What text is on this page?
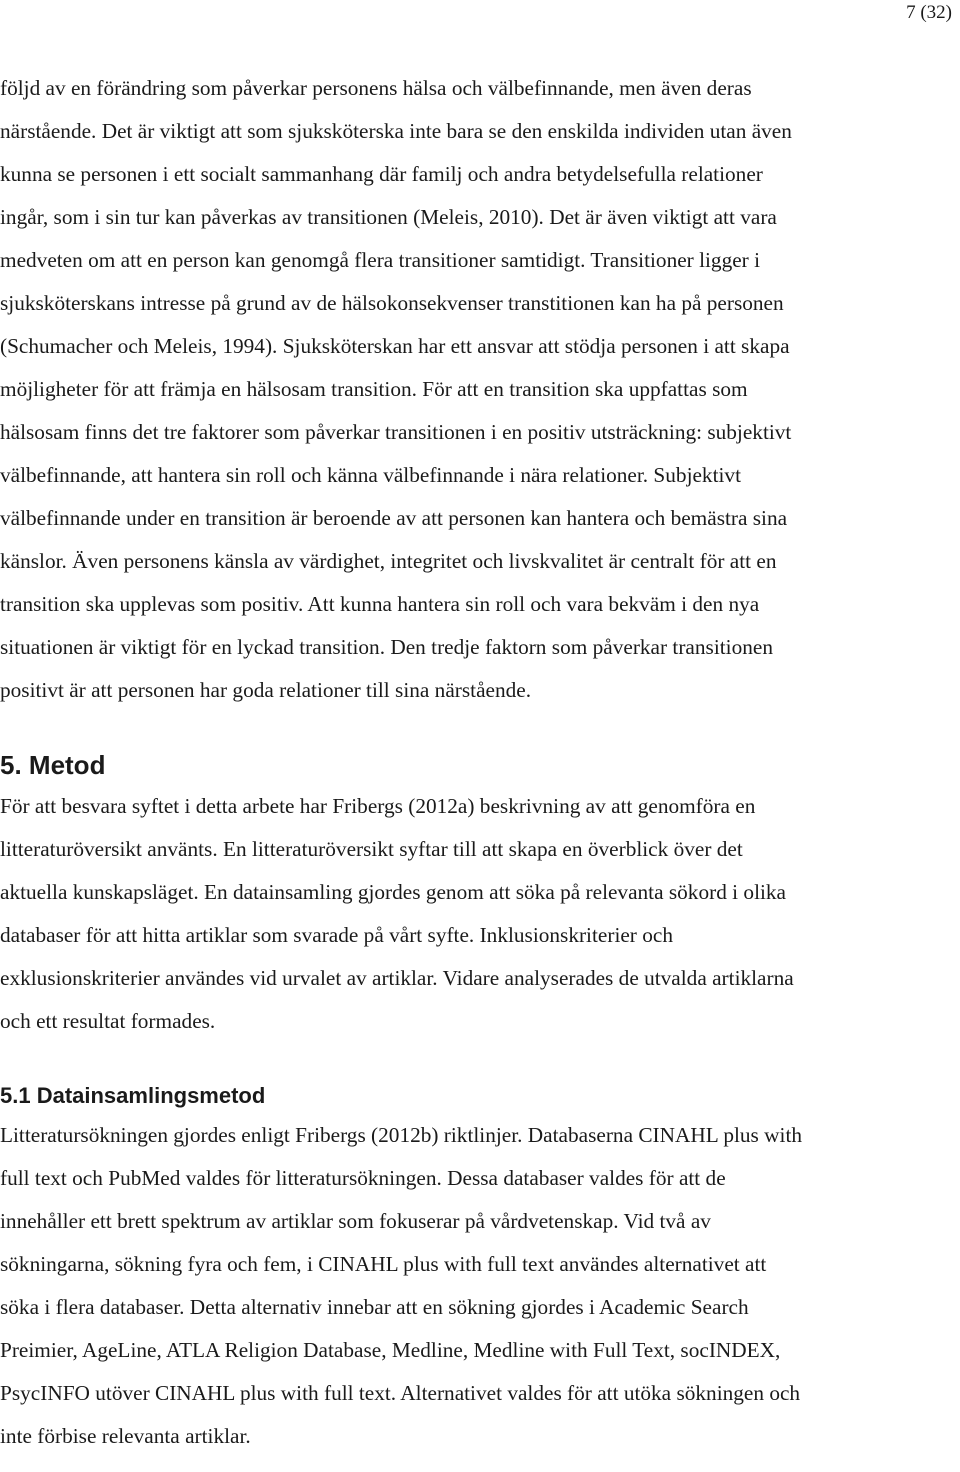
7 (32)

följd av en förändring som påverkar personens hälsa och välbefinnande, men även deras
närstående. Det är viktigt att som sjuksköterska inte bara se den enskilda individen utan även
kunna se personen i ett socialt sammanhang där familj och andra betydelsefulla relationer
ingår, som i sin tur kan påverkas av transitionen (Meleis, 2010). Det är även viktigt att vara
medveten om att en person kan genomgå flera transitioner samtidigt. Transitioner ligger i
sjuksköterskans intresse på grund av de hälsokonsekvenser transtitionen kan ha på personen
(Schumacher och Meleis, 1994). Sjuksköterskan har ett ansvar att stödja personen i att skapa
möjligheter för att främja en hälsosam transition. För att en transition ska uppfattas som
hälsosam finns det tre faktorer som påverkar transitionen i en positiv utsträckning: subjektivt
välbefinnande, att hantera sin roll och känna välbefinnande i nära relationer. Subjektivt
välbefinnande under en transition är beroende av att personen kan hantera och bemästra sina
känslor. Även personens känsla av värdighet, integritet och livskvalitet är centralt för att en
transition ska upplevas som positiv. Att kunna hantera sin roll och vara bekväm i den nya
situationen är viktigt för en lyckad transition. Den tredje faktorn som påverkar transitionen
positivt är att personen har goda relationer till sina närstående.

5. Metod

För att besvara syftet i detta arbete har Fribergs (2012a) beskrivning av att genomföra en
litteraturöversikt använts. En litteraturöversikt syftar till att skapa en överblick över det
aktuella kunskapsläget. En datainsamling gjordes genom att söka på relevanta sökord i olika
databaser för att hitta artiklar som svarade på vårt syfte. Inklusionskriterier och
exklusionskriterier användes vid urvalet av artiklar. Vidare analyserades de utvalda artiklarna
och ett resultat formades.

5.1 Datainsamlingsmetod

Litteratursökningen gjordes enligt Fribergs (2012b) riktlinjer. Databaserna CINAHL plus with
full text och PubMed valdes för litteratursökningen. Dessa databaser valdes för att de
innehåller ett brett spektrum av artiklar som fokuserar på vårdvetenskap. Vid två av
sökningarna, sökning fyra och fem, i CINAHL plus with full text användes alternativet att
söka i flera databaser. Detta alternativ innebar att en sökning gjordes i Academic Search
Preimier, AgeLine, ATLA Religion Database, Medline, Medline with Full Text, socINDEX,
PsycINFO utöver CINAHL plus with full text. Alternativet valdes för att utöka sökningen och
inte förbise relevanta artiklar.
